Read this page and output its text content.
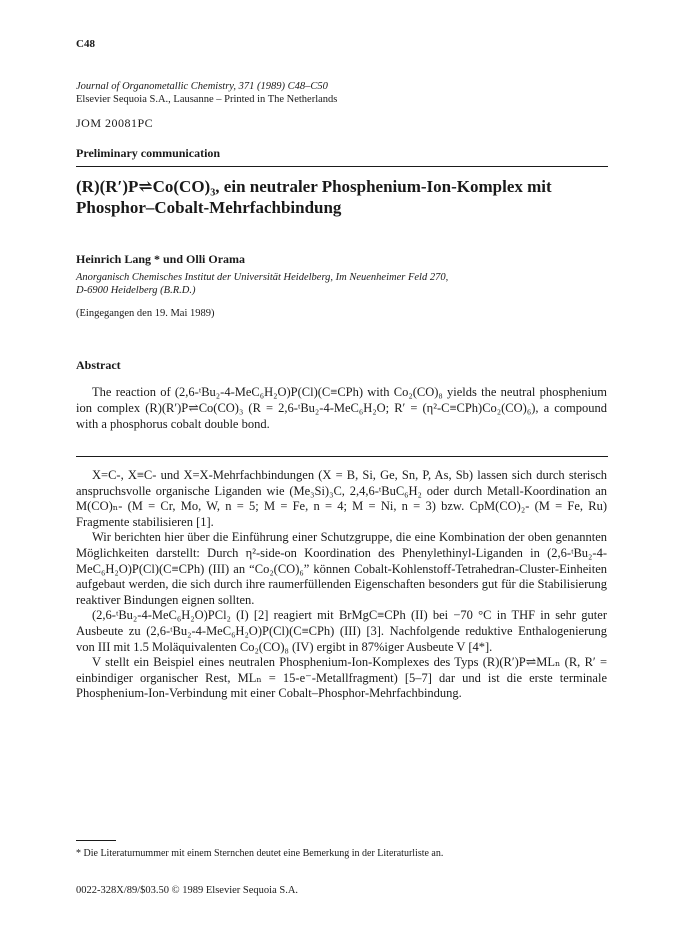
C48
Journal of Organometallic Chemistry, 371 (1989) C48–C50
Elsevier Sequoia S.A., Lausanne – Printed in The Netherlands
JOM 20081PC
Preliminary communication
(R)(R′)P⇌Co(CO)₃, ein neutraler Phosphenium-Ion-Komplex mit Phosphor–Cobalt-Mehrfachbindung
Heinrich Lang * und Olli Orama
Anorganisch Chemisches Institut der Universität Heidelberg, Im Neuenheimer Feld 270,
D-6900 Heidelberg (B.R.D.)
(Eingegangen den 19. Mai 1989)
Abstract
The reaction of (2,6-ᵗBu₂-4-MeC₆H₂O)P(Cl)(C≡CPh) with Co₂(CO)₈ yields the neutral phosphenium ion complex (R)(R′)P⇌Co(CO)₃ (R = 2,6-ᵗBu₂-4-MeC₆H₂O; R′ = (η²-C≡CPh)Co₂(CO)₆), a compound with a phosphorus cobalt double bond.

X=C-, X≡C- und X=X-Mehrfachbindungen (X = B, Si, Ge, Sn, P, As, Sb) lassen sich durch sterisch anspruchsvolle organische Liganden wie (Me₃Si)₃C, 2,4,6-ᵗBuC₆H₂ oder durch Metall-Koordination an M(CO)ₙ- (M = Cr, Mo, W, n = 5; M = Fe, n = 4; M = Ni, n = 3) bzw. CpM(CO)₂- (M = Fe, Ru) Fragmente stabilisieren [1].

Wir berichten hier über die Einführung einer Schutzgruppe, die eine Kombination der oben genannten Möglichkeiten darstellt: Durch η²-side-on Koordination des Phenylethinyl-Liganden in (2,6-ᵗBu₂-4-MeC₆H₂O)P(Cl)(C≡CPh) (III) an “Co₂(CO)₆” können Cobalt-Kohlenstoff-Tetrahedran-Cluster-Einheiten aufgebaut werden, die sich durch ihre raumerfüllenden Eigenschaften besonders gut für die Stabilisierung reaktiver Bindungen eignen sollten.

(2,6-ᵗBu₂-4-MeC₆H₂O)PCl₂ (I) [2] reagiert mit BrMgC≡CPh (II) bei −70 °C in THF in sehr guter Ausbeute zu (2,6-ᵗBu₂-4-MeC₆H₂O)P(Cl)(C≡CPh) (III) [3]. Nachfolgende reduktive Enthalogenierung von III mit 1.5 Moläquivalenten Co₂(CO)₈ (IV) ergibt in 87%iger Ausbeute V [4*].

V stellt ein Beispiel eines neutralen Phosphenium-Ion-Komplexes des Typs (R)(R′)P⇌MLₙ (R, R′ = einbindiger organischer Rest, MLₙ = 15-e⁻-Metallfragment) [5–7] dar und ist die erste terminale Phosphenium-Ion-Verbindung mit einer Cobalt–Phosphor-Mehrfachbindung.

* Die Literaturnummer mit einem Sternchen deutet eine Bemerkung in der Literaturliste an.
0022-328X/89/$03.50 © 1989 Elsevier Sequoia S.A.
